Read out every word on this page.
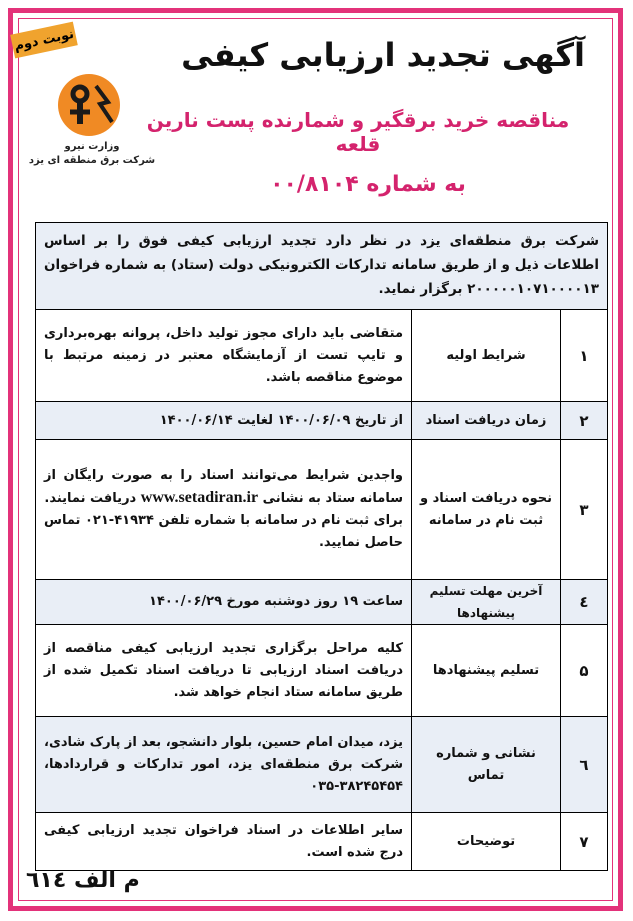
نوبت دوم	آگهی تجدید ارزیابی کیفی
وزارت نیرو
شرکت برق منطقه ای یزد
مناقصه خرید برقگیر و شمارنده پست نارین قلعه
به شماره ۰۰/۸۱۰۴
شرکت برق منطقه‌ای یزد در نظر دارد تجدید ارزیابی کیفی فوق را بر اساس اطلاعات ذیل و از طریق سامانه تدارکات الکترونیکی دولت (ستاد) به شماره فراخوان ۲۰۰۰۰۰۱۰۷۱۰۰۰۰۱۳ برگزار نماید.
۱	شرایط اولیه	متقاضی باید دارای مجوز تولید داخل، پروانه بهره‌برداری و تایپ تست از آزمایشگاه معتبر در زمینه مرتبط با موضوع مناقصه باشد.
۲	زمان دریافت اسناد	از تاریخ ۱۴۰۰/۰۶/۰۹ لغایت ۱۴۰۰/۰۶/۱۴
۳	نحوه دریافت اسناد و ثبت نام در سامانه	واجدین شرایط می‌توانند اسناد را به صورت رایگان از سامانه ستاد به نشانی www.setadiran.ir دریافت نمایند.
برای ثبت نام در سامانه با شماره تلفن ۴۱۹۳۴-۰۲۱ تماس حاصل نمایید.
٤	آخرین مهلت تسلیم پیشنهادها	ساعت ۱۹ روز دوشنبه مورخ ۱۴۰۰/۰۶/۲۹
۵	تسلیم پیشنهادها	کلیه مراحل برگزاری تجدید ارزیابی کیفی مناقصه از دریافت اسناد ارزیابی تا دریافت اسناد تکمیل شده از طریق سامانه ستاد انجام خواهد شد.
٦	نشانی و شماره تماس	یزد، میدان امام حسین، بلوار دانشجو، بعد از پارک شادی، شرکت برق منطقه‌ای یزد، امور تدارکات و قراردادها، ۳۸۲۴۵۴۵۴-۰۳۵
۷	توضیحات	سایر اطلاعات در اسناد فراخوان تجدید ارزیابی کیفی درج شده است.
م الف ٦١٤
